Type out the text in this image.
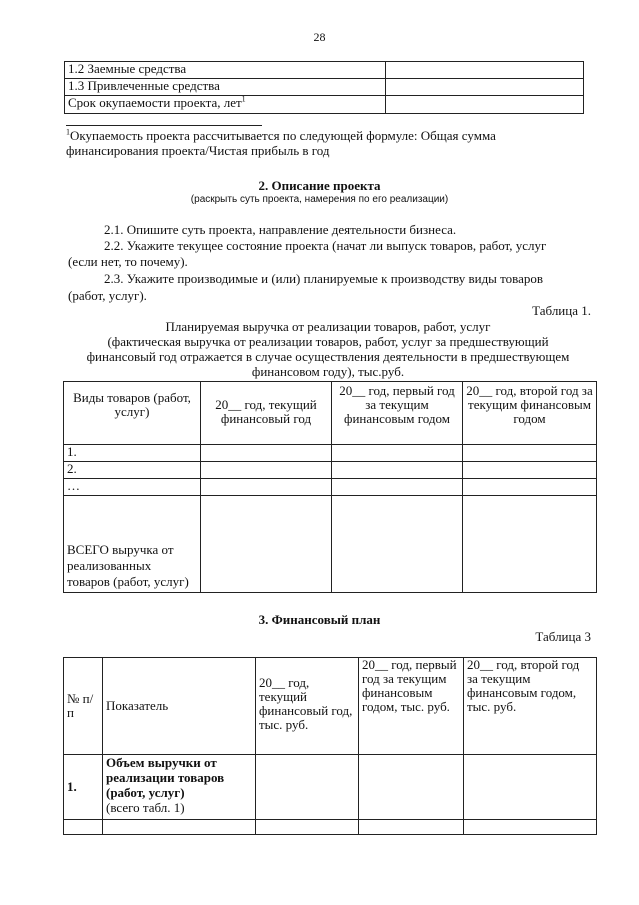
28
1.2 Заемные средства	
1.3 Привлеченные средства	
Срок окупаемости проекта, лет$^1$	
$^1$Окупаемость проекта рассчитывается по следующей формуле: Общая сумма финансирования проекта/Чистая прибыль в год
2. Описание проекта
(раскрыть суть проекта, намерения по его реализации)
2.1. Опишите суть проекта, направление деятельности бизнеса.
2.2. Укажите текущее состояние проекта (начат ли выпуск товаров, работ, услуг
(если нет, то почему).
2.3. Укажите производимые и (или) планируемые к производству виды товаров
(работ, услуг).
Таблица 1.
Планируемая выручка от реализации товаров, работ, услуг
(фактическая выручка от реализации товаров, работ, услуг за предшествующий
финансовый год отражается в случае осуществления деятельности в предшествующем
финансовом году), тыс.руб.
Виды товаров (работ, услуг)	20__ год, текущий финансовый год	20__ год, первый год за текущим финансовым годом	20__ год, второй год за текущим финансовым годом
1.			
2.			
…			
ВСЕГО выручка от реализованных товаров (работ, услуг)			
3. Финансовый план
Таблица 3
№ п/п	Показатель	20__ год, текущий финансовый год, тыс. руб.	20__ год, первый год за текущим финансовым годом, тыс. руб.	20__ год, второй год за текущим финансовым годом, тыс. руб.
1.	Объем выручки от реализации товаров (работ, услуг)
(всего табл. 1)			
